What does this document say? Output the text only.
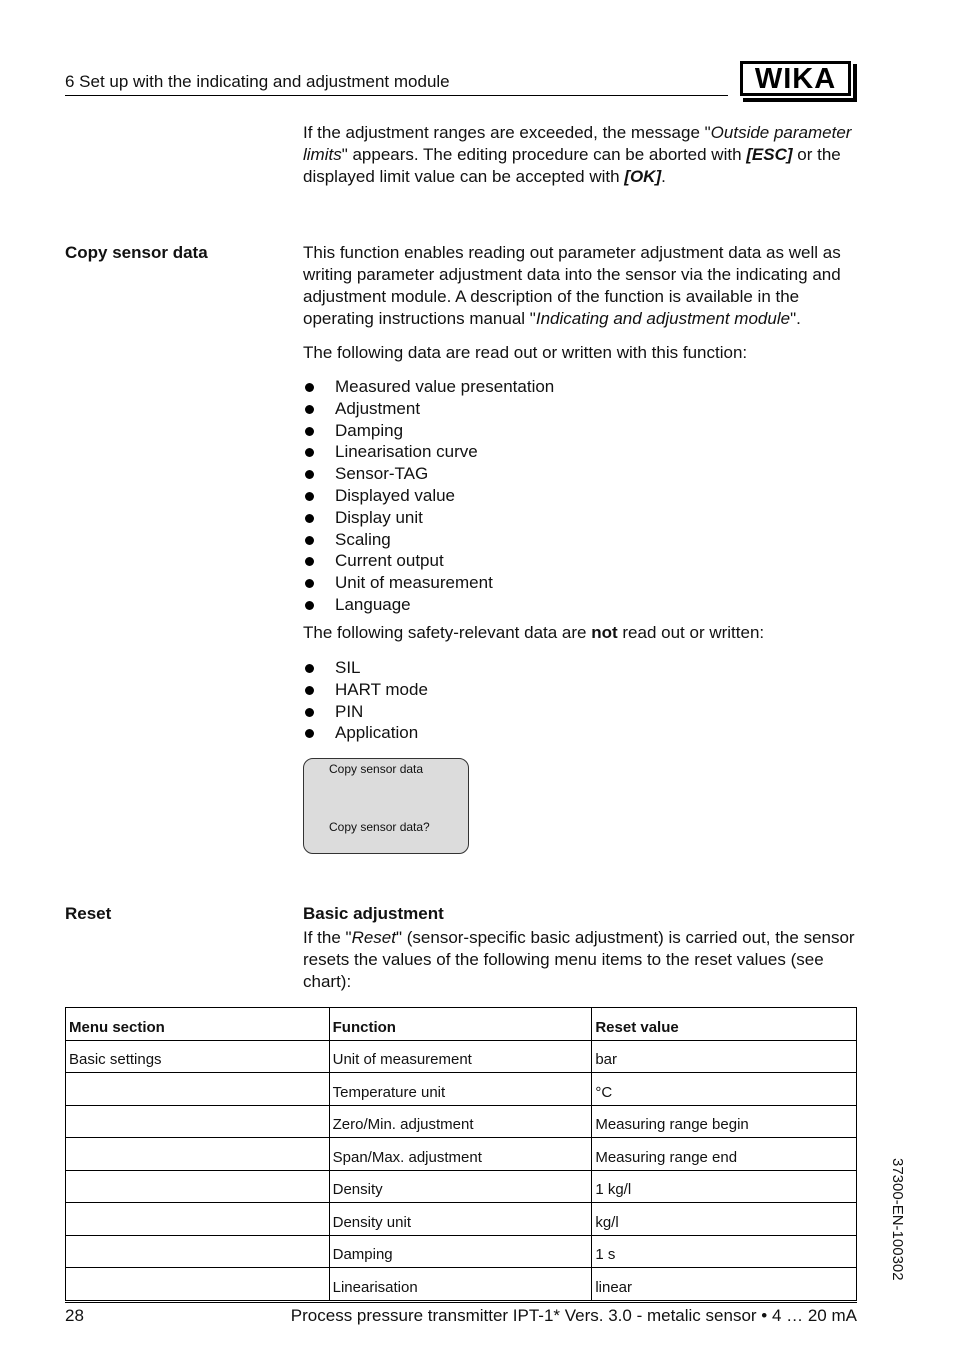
6 Set up with the indicating and adjustment module	WIKA
If the adjustment ranges are exceeded, the message "Outside parameter limits" appears. The editing procedure can be aborted with [ESC] or the displayed limit value can be accepted with [OK].
Copy sensor data	This function enables reading out parameter adjustment data as well as writing parameter adjustment data into the sensor via the indicating and adjustment module. A description of the function is available in the operating instructions manual "Indicating and adjustment module".
The following data are read out or written with this function:
Measured value presentation
Adjustment
Damping
Linearisation curve
Sensor-TAG
Displayed value
Display unit
Scaling
Current output
Unit of measurement
Language
The following safety-relevant data are not read out or written:
SIL
HART mode
PIN
Application
Copy sensor data
Copy sensor data?
Reset	Basic adjustment
If the "Reset" (sensor-specific basic adjustment) is carried out, the sensor resets the values of the following menu items to the reset values (see chart):
Menu section	Function	Reset value
Basic settings	Unit of measurement	bar
	Temperature unit	°C
	Zero/Min. adjustment	Measuring range begin
	Span/Max. adjustment	Measuring range end
	Density	1 kg/l
	Density unit	kg/l
	Damping	1 s
	Linearisation	linear
37300-EN-100302
28	Process pressure transmitter IPT-1* Vers. 3.0 - metalic sensor • 4 … 20 mA
